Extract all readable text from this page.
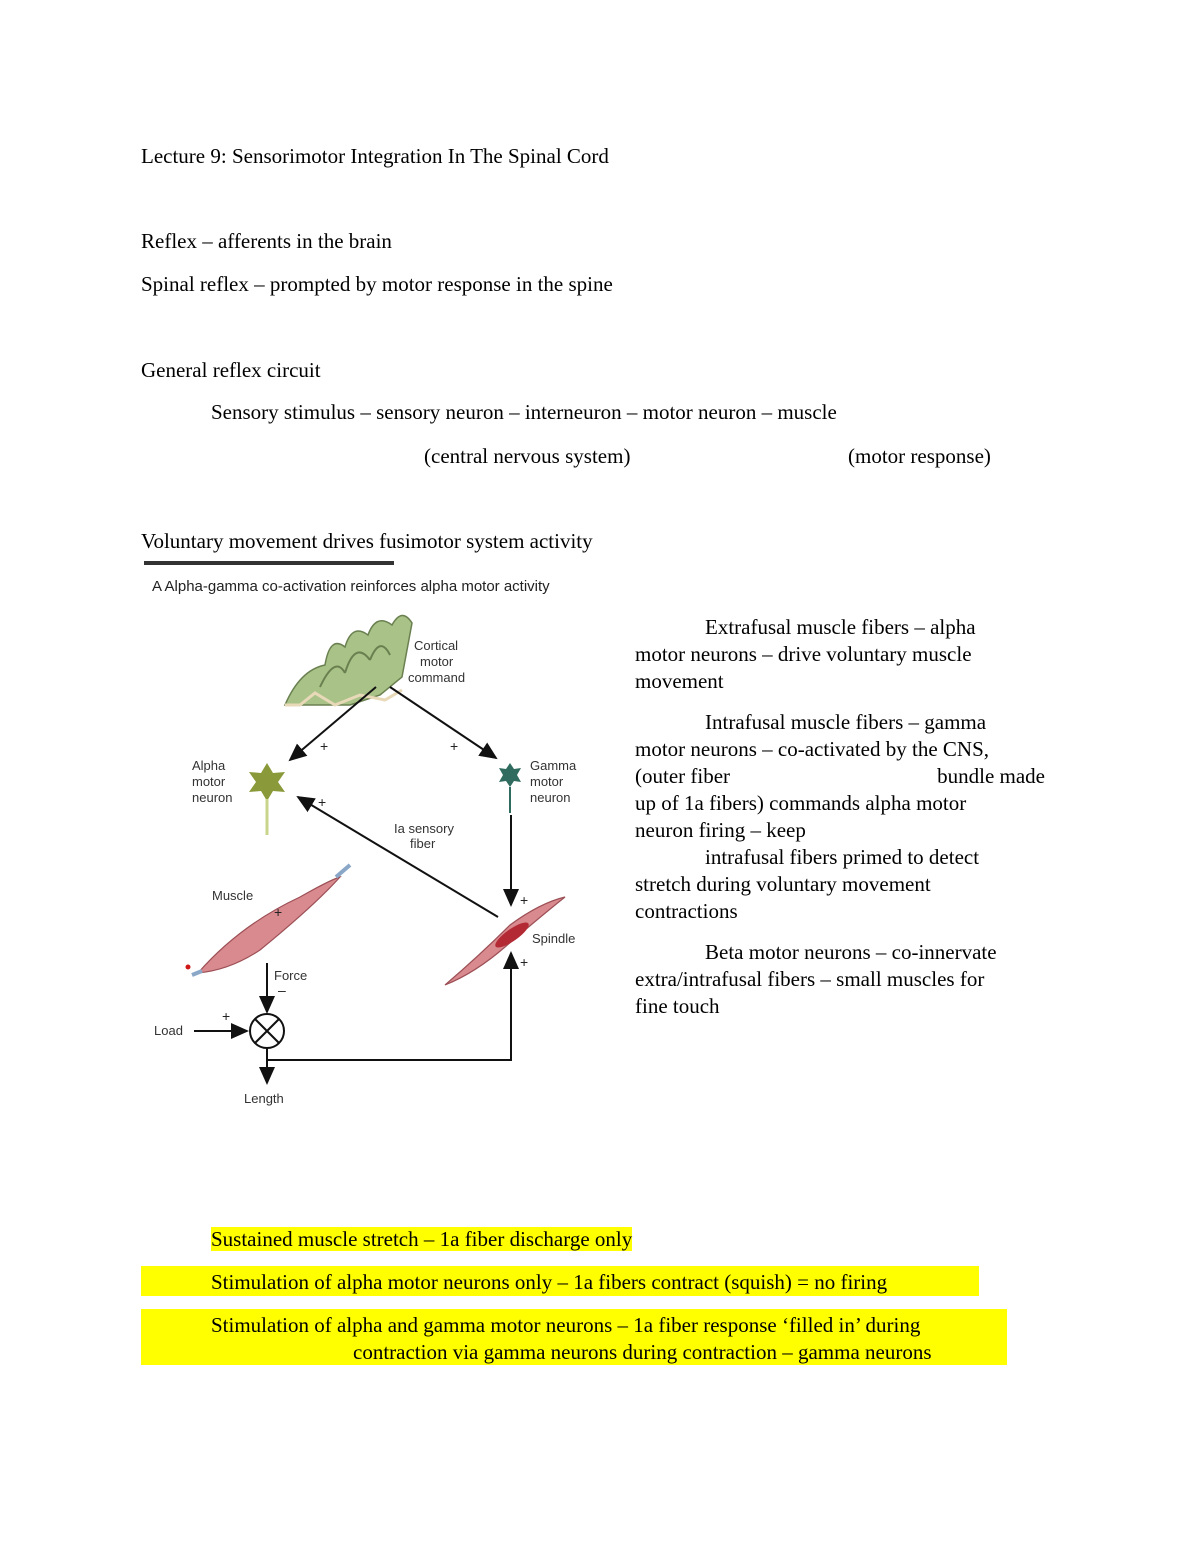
Lecture 9: Sensorimotor Integration In The Spinal Cord
Reflex – afferents in the brain
Spinal reflex – prompted by motor response in the spine
General reflex circuit
Sensory stimulus – sensory neuron – interneuron – motor neuron – muscle
(central nervous system)	(motor response)
Voluntary movement drives fusimotor system activity
A Alpha-gamma co-activation reinforces alpha motor activity
Cortical
motor
command
+	+
Alpha
motor
neuron
Gamma
motor
neuron
+
Ia sensory
fiber
+
Muscle
+
Spindle
Force
–
Load
+
Length
+

Extrafusal muscle fibers – alpha
motor neurons – drive voluntary muscle
movement

Intrafusal muscle fibers – gamma
motor neurons – co-activated by the CNS,
(outer fiber	bundle made
up of 1a fibers) commands alpha motor
neuron firing – keep
intrafusal fibers primed to detect
stretch during voluntary movement
contractions

Beta motor neurons – co-innervate
extra/intrafusal fibers – small muscles for
fine touch

Sustained muscle stretch – 1a fiber discharge only
Stimulation of alpha motor neurons only – 1a fibers contract (squish) = no firing
Stimulation of alpha and gamma motor neurons – 1a fiber response ‘filled in’ during
contraction via gamma neurons during contraction – gamma neurons
